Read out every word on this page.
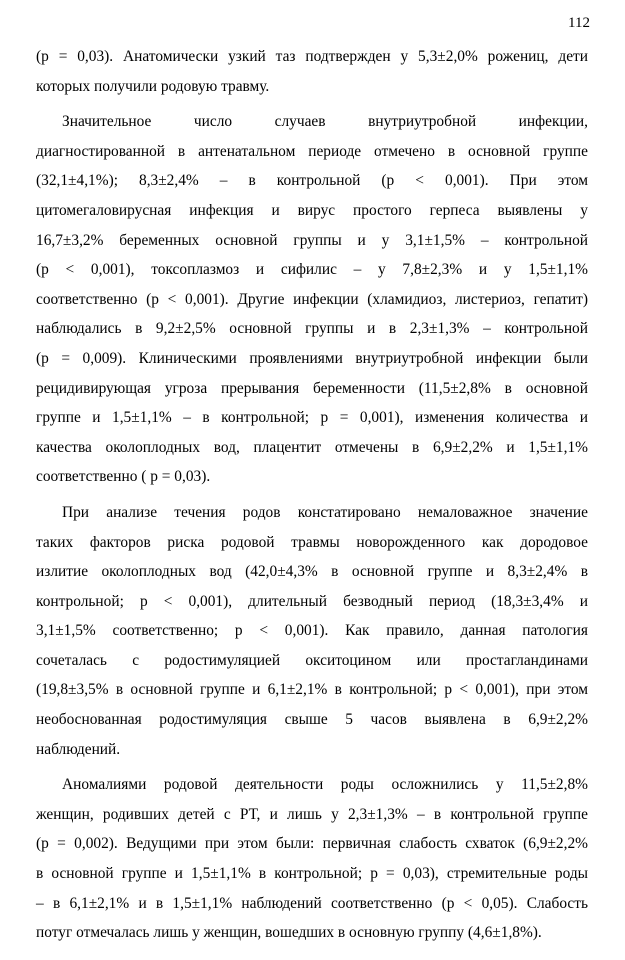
112
(p = 0,03). Анатомически узкий таз подтвержден у 5,3±2,0% рожениц, дети
которых получили родовую травму.
Значительное число случаев внутриутробной инфекции,
диагностированной в антенатальном периоде отмечено в основной группе
(32,1±4,1%); 8,3±2,4% – в контрольной (p < 0,001). При этом
цитомегаловирусная инфекция и вирус простого герпеса выявлены у
16,7±3,2% беременных основной группы и у 3,1±1,5% – контрольной
(p < 0,001), токсоплазмоз и сифилис – у 7,8±2,3% и у 1,5±1,1%
соответственно (p < 0,001). Другие инфекции (хламидиоз, листериоз, гепатит)
наблюдались в 9,2±2,5% основной группы и в 2,3±1,3% – контрольной
(p = 0,009). Клиническими проявлениями внутриутробной инфекции были
рецидивирующая угроза прерывания беременности (11,5±2,8% в основной
группе и 1,5±1,1% – в контрольной; p = 0,001), изменения количества и
качества околоплодных вод, плацентит отмечены в 6,9±2,2% и 1,5±1,1%
соответственно ( p = 0,03).
При анализе течения родов констатировано немаловажное значение
таких факторов риска родовой травмы новорожденного как дородовое
излитие околоплодных вод (42,0±4,3% в основной группе и 8,3±2,4% в
контрольной; p < 0,001), длительный безводный период (18,3±3,4% и
3,1±1,5% соответственно; p < 0,001). Как правило, данная патология
сочеталась с родостимуляцией окситоцином или простагландинами
(19,8±3,5% в основной группе и 6,1±2,1% в контрольной; p < 0,001), при этом
необоснованная родостимуляция свыше 5 часов выявлена в 6,9±2,2%
наблюдений.
Аномалиями родовой деятельности роды осложнились у 11,5±2,8%
женщин, родивших детей с РТ, и лишь у 2,3±1,3% – в контрольной группе
(p = 0,002). Ведущими при этом были: первичная слабость схваток (6,9±2,2%
в основной группе и 1,5±1,1% в контрольной; p = 0,03), стремительные роды
– в 6,1±2,1% и в 1,5±1,1% наблюдений соответственно (p < 0,05). Слабость
потуг отмечалась лишь у женщин, вошедших в основную группу (4,6±1,8%).
